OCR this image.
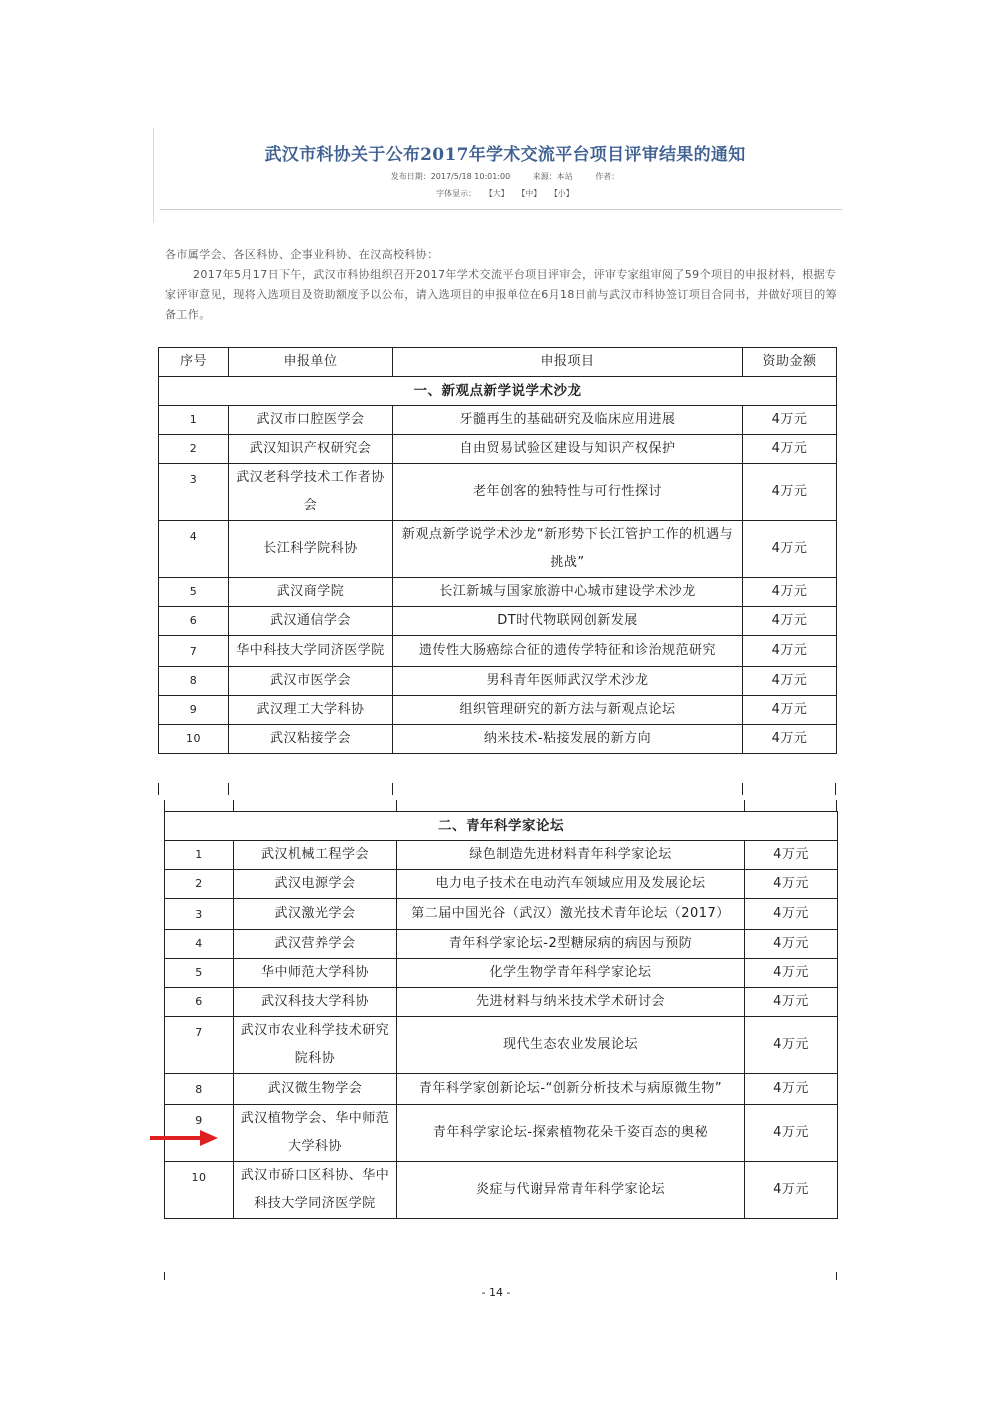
武汉市科协关于公布2017年学术交流平台项目评审结果的通知
发布日期：2017/5/18 10:01:00	来源：本站	作者：
字体显示： 【大】 【中】 【小】

各市属学会、各区科协、企事业科协、在汉高校科协：

2017年5月17日下午，武汉市科协组织召开2017年学术交流平台项目评审会，评审专家组审阅了59个项目的申报材料，根据专家评审意见，现将入选项目及资助额度予以公布，请入选项目的申报单位在6月18日前与武汉市科协签订项目合同书，并做好项目的筹备工作。

序号	申报单位	申报项目	资助金额
一、新观点新学说学术沙龙			
1	武汉市口腔医学会	牙髓再生的基础研究及临床应用进展	4万元
2	武汉知识产权研究会	自由贸易试验区建设与知识产权保护	4万元
3	武汉老科学技术工作者协会	老年创客的独特性与可行性探讨	4万元
4	长江科学院科协	新观点新学说学术沙龙“新形势下长江管护工作的机遇与挑战”	4万元
5	武汉商学院	长江新城与国家旅游中心城市建设学术沙龙	4万元
6	武汉通信学会	DT时代物联网创新发展	4万元
7	华中科技大学同济医学院	遗传性大肠癌综合征的遗传学特征和诊治规范研究	4万元
8	武汉市医学会	男科青年医师武汉学术沙龙	4万元
9	武汉理工大学科协	组织管理研究的新方法与新观点论坛	4万元
10	武汉粘接学会	纳米技术-粘接发展的新方向	4万元
二、青年科学家论坛			
1	武汉机械工程学会	绿色制造先进材料青年科学家论坛	4万元
2	武汉电源学会	电力电子技术在电动汽车领域应用及发展论坛	4万元
3	武汉激光学会	第二届中国光谷（武汉）激光技术青年论坛（2017）	4万元
4	武汉营养学会	青年科学家论坛-2型糖尿病的病因与预防	4万元
5	华中师范大学科协	化学生物学青年科学家论坛	4万元
6	武汉科技大学科协	先进材料与纳米技术学术研讨会	4万元
7	武汉市农业科学技术研究院科协	现代生态农业发展论坛	4万元
8	武汉微生物学会	青年科学家创新论坛-“创新分析技术与病原微生物”	4万元
9	武汉植物学会、华中师范大学科协	青年科学家论坛-探索植物花朵千姿百态的奥秘	4万元
10	武汉市硚口区科协、华中科技大学同济医学院	炎症与代谢异常青年科学家论坛	4万元
- 14 -
